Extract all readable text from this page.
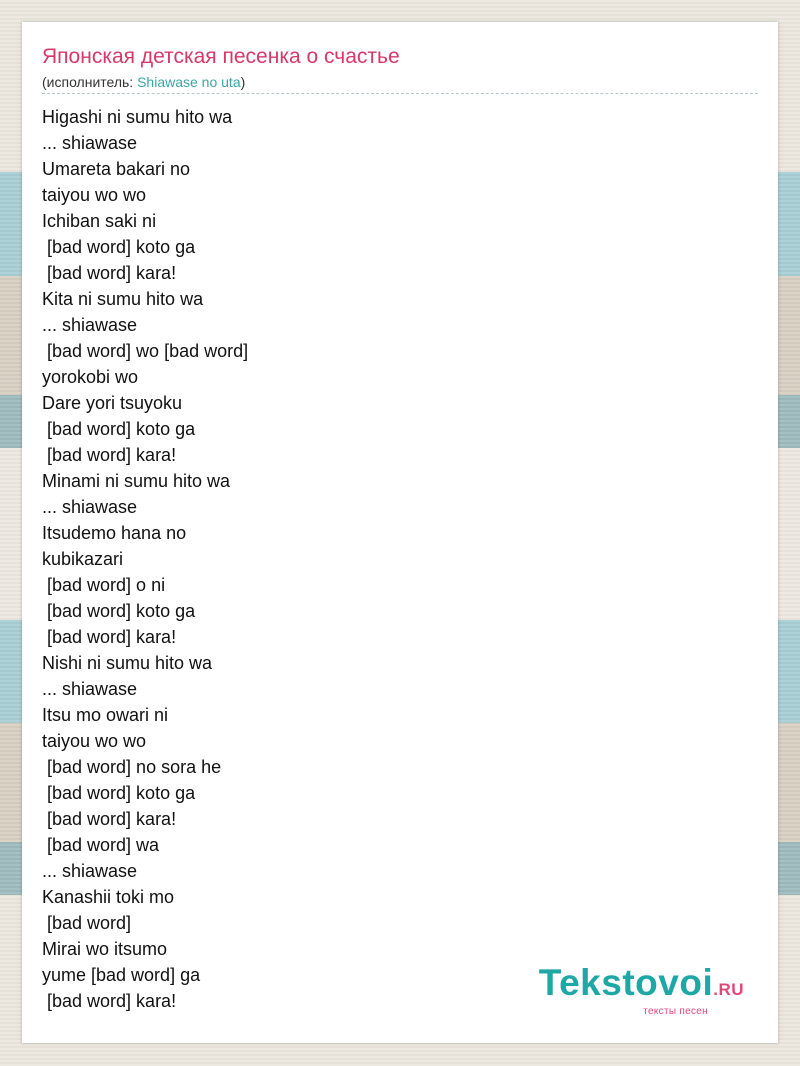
Японская детская песенка о счастье
(исполнитель: Shiawase no uta)
Higashi ni sumu hito wa
... shiawase
Umareta bakari no
taiyou wo wo
Ichiban saki ni
[bad word] koto ga
[bad word] kara!
Kita ni sumu hito wa
... shiawase
[bad word] wo [bad word]
yorokobi wo
Dare yori tsuyoku
[bad word] koto ga
[bad word] kara!
Minami ni sumu hito wa
... shiawase
Itsudemo hana no
kubikazari
[bad word] o ni
[bad word] koto ga
[bad word] kara!
Nishi ni sumu hito wa
... shiawase
Itsu mo owari ni
taiyou wo wo
[bad word] no sora he
[bad word] koto ga
[bad word] kara!
[bad word] wa
... shiawase
Kanashii toki mo
[bad word]
Mirai wo itsumo
yume [bad word] ga
[bad word] kara!	Tekstovoi.RU
тексты песен
